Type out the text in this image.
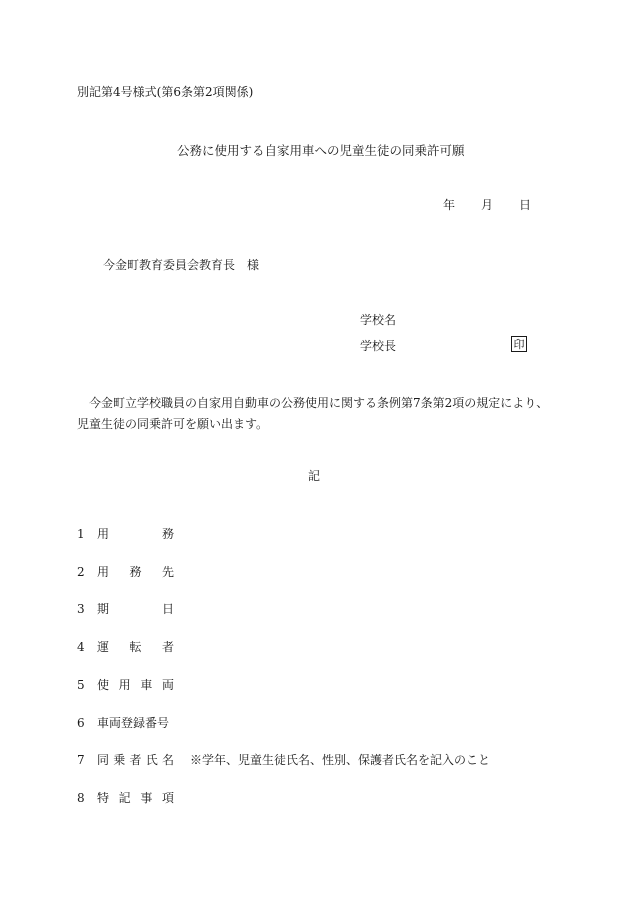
別記第4号様式(第6条第2項関係)
公務に使用する自家用車への児童生徒の同乗許可願
年 月 日
今金町教育委員会教育長 様
学校名
学校長	印
今金町立学校職員の自家用自動車の公務使用に関する条例第7条第2項の規定により、児童生徒の同乗許可を願い出ます。
記
1 用	務
2 用 務 先
3 期	日
4 運 転 者
5 使 用 車 両
6 車両登録番号
7 同 乗 者 氏 名 ※学年、児童生徒氏名、性別、保護者氏名を記入のこと
8 特 記 事 項
